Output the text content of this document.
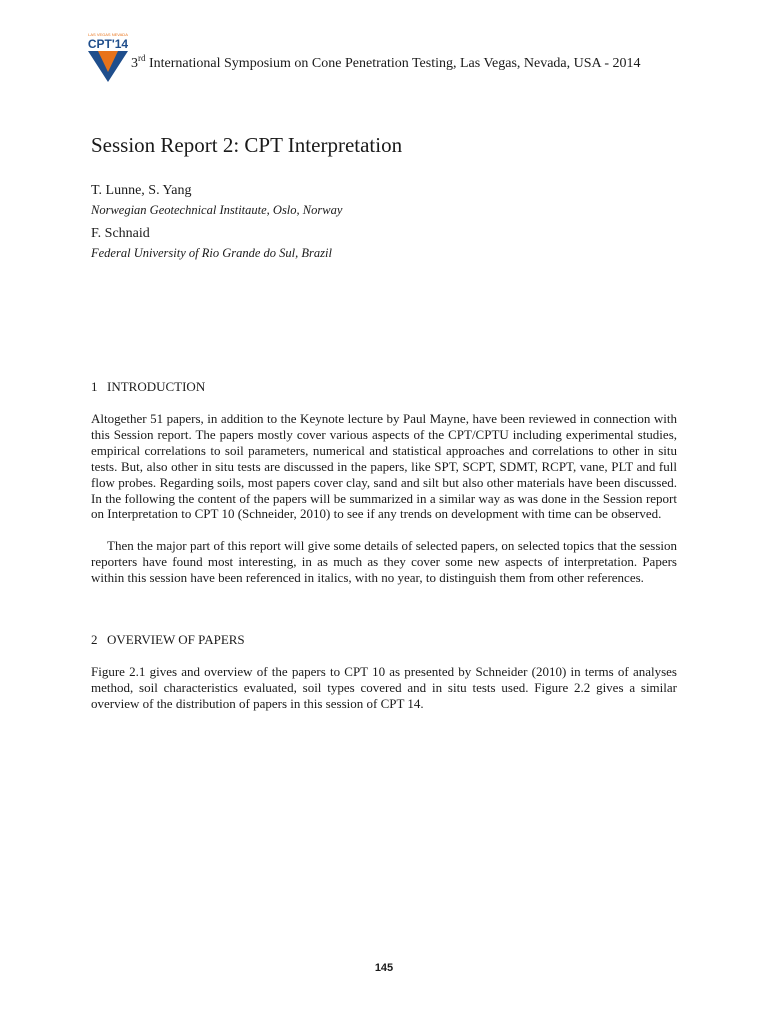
LAS VEGAS NEVADA
CPT'14
3rd International Symposium on Cone Penetration Testing, Las Vegas, Nevada, USA - 2014
Session Report 2: CPT Interpretation
T. Lunne, S. Yang
Norwegian Geotechnical Institaute, Oslo, Norway
F. Schnaid
Federal University of Rio Grande do Sul, Brazil
1 INTRODUCTION

Altogether 51 papers, in addition to the Keynote lecture by Paul Mayne, have been reviewed in connection with this Session report. The papers mostly cover various aspects of the CPT/CPTU including experimental studies, empirical correlations to soil parameters, numerical and statistical approaches and correlations to other in situ tests. But, also other in situ tests are discussed in the papers, like SPT, SCPT, SDMT, RCPT, vane, PLT and full flow probes. Regarding soils, most papers cover clay, sand and silt but also other materials have been discussed. In the following the content of the papers will be summarized in a similar way as was done in the Session report on Interpretation to CPT 10 (Schneider, 2010) to see if any trends on development with time can be observed.

Then the major part of this report will give some details of selected papers, on selected topics that the session reporters have found most interesting, in as much as they cover some new aspects of interpretation. Papers within this session have been referenced in italics, with no year, to distinguish them from other references.

2 OVERVIEW OF PAPERS

Figure 2.1 gives and overview of the papers to CPT 10 as presented by Schneider (2010) in terms of analyses method, soil characteristics evaluated, soil types covered and in situ tests used. Figure 2.2 gives a similar overview of the distribution of papers in this session of CPT 14.

145
